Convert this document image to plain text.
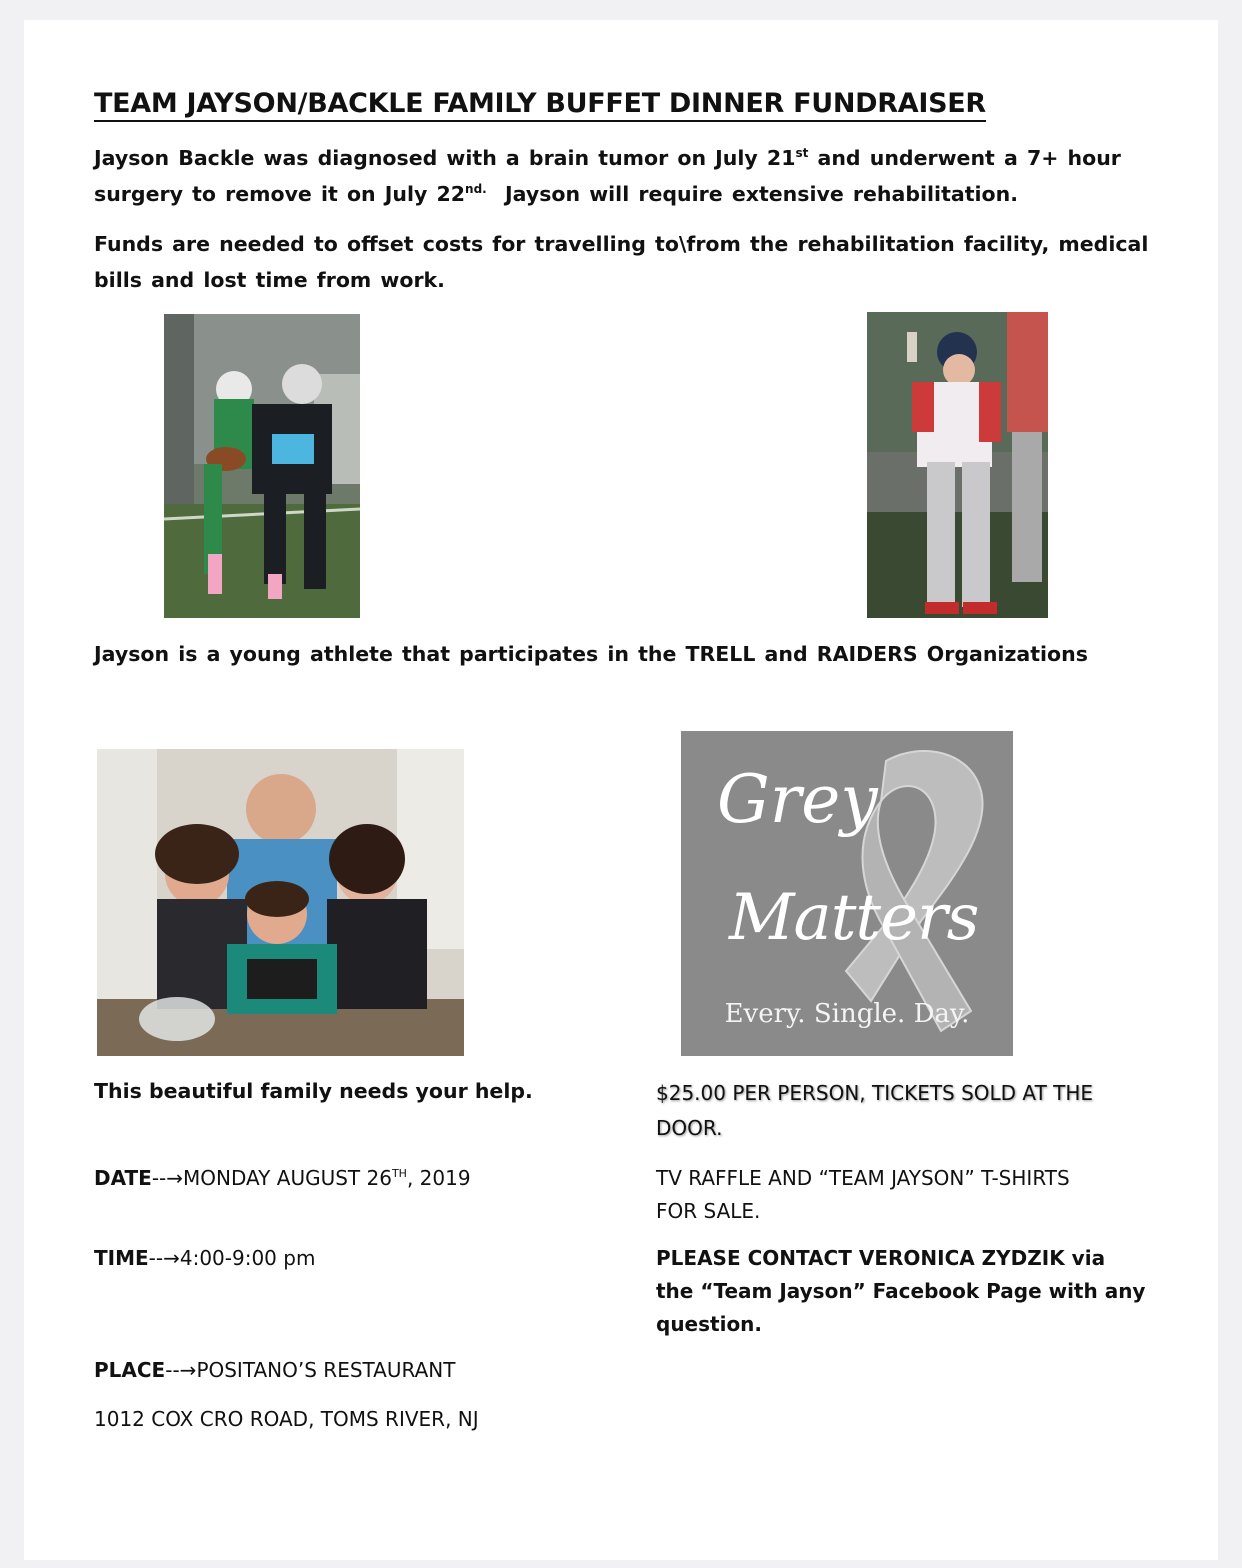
TEAM JAYSON/BACKLE FAMILY BUFFET DINNER FUNDRAISER
Jayson Backle was diagnosed with a brain tumor on July 21st and underwent a 7+ hour surgery to remove it on July $22^{nd.}$  Jayson will require extensive rehabilitation.
Funds are needed to offset costs for travelling to\from the rehabilitation facility, medical bills and lost time from work.
Jayson is a young athlete that participates in the TRELL and RAIDERS Organizations
Grey
Matters
Every. Single. Day.
This beautiful family needs your help.
DATE--→MONDAY AUGUST 26TH, 2019
TIME--→4:00-9:00 pm
PLACE--→POSITANO’S RESTAURANT
1012 COX CRO ROAD, TOMS RIVER, NJ
$25.00 PER PERSON, TICKETS SOLD AT THE
DOOR.
TV RAFFLE AND “TEAM JAYSON” T-SHIRTS
FOR SALE.
PLEASE CONTACT VERONICA ZYDZIK via
the “Team Jayson” Facebook Page with any
question.
